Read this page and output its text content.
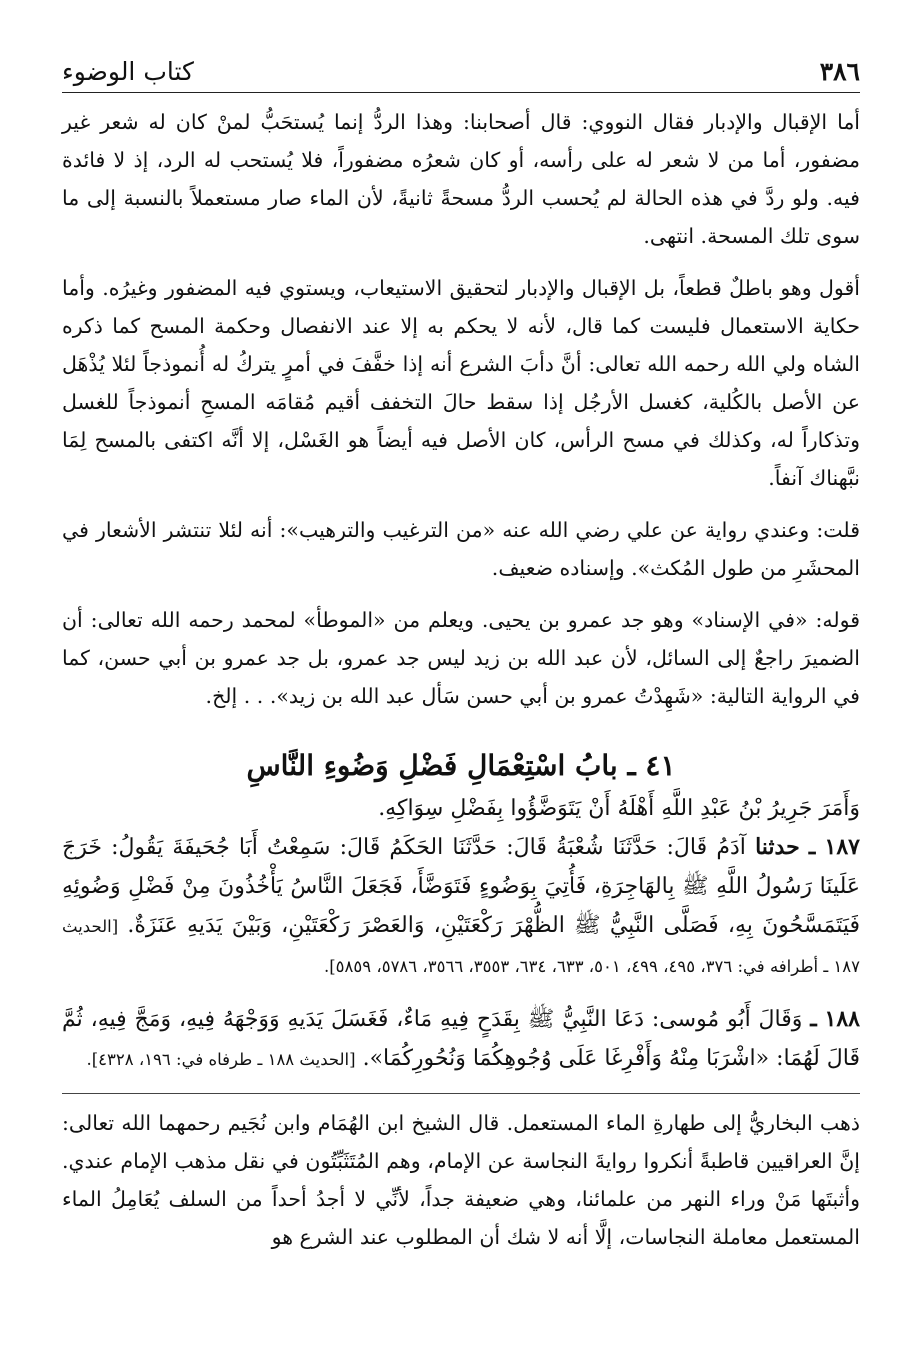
٣٨٦
كتاب الوضوء

أما الإقبال والإدبار فقال النووي: قال أصحابنا: وهذا الردُّ إنما يُستحَبُّ لمنْ كان له شعر غير مضفور، أما من لا شعر له على رأسه، أو كان شعرُه مضفوراً، فلا يُستحب له الرد، إذ لا فائدة فيه. ولو ردَّ في هذه الحالة لم يُحسب الردُّ مسحةً ثانيةً، لأن الماء صار مستعملاً بالنسبة إلى ما سوى تلك المسحة. انتهى.

أقول وهو باطلٌ قطعاً، بل الإقبال والإدبار لتحقيق الاستيعاب، ويستوي فيه المضفور وغيرُه. وأما حكاية الاستعمال فليست كما قال، لأنه لا يحكم به إلا عند الانفصال وحكمة المسح كما ذكره الشاه ولي الله رحمه الله تعالى: أنَّ دأبَ الشرع أنه إذا خفَّفَ في أمرٍ يتركُ له أُنموذجاً لئلا يُذْهَل عن الأصل بالكُلية، كغسل الأرجُل إذا سقط حالَ التخفف أقيم مُقامَه المسحِ أنموذجاً للغسل وتذكاراً له، وكذلك في مسح الرأس، كان الأصل فيه أيضاً هو الغَسْل، إلا أنَّه اكتفى بالمسح لِمَا نبَّهناك آنفاً.

قلت: وعندي رواية عن علي رضي الله عنه «من الترغيب والترهيب»: أنه لئلا تنتشر الأشعار في المحشَرِ من طول المُكث». وإسناده ضعيف.

قوله: «في الإسناد» وهو جد عمرو بن يحيى. ويعلم من «الموطأ» لمحمد رحمه الله تعالى: أن الضميرَ راجعٌ إلى السائل، لأن عبد الله بن زيد ليس جد عمرو، بل جد عمرو بن أبي حسن، كما في الرواية التالية: «شَهِدْتُ عمرو بن أبي حسن سَأل عبد الله بن زيد». . . إلخ.

٤١ ـ بابُ اسْتِعْمَالِ فَضْلِ وَضُوءِ النَّاسِ

وَأَمَرَ جَرِيرُ بْنُ عَبْدِ اللَّهِ أَهْلَهُ أَنْ يَتَوَضَّؤُوا بِفَضْلِ سِوَاكِهِ.

١٨٧ ـ حدثنا آدَمُ قَالَ: حَدَّثَنَا شُعْبَةُ قَالَ: حَدَّثَنَا الحَكَمُ قَالَ: سَمِعْتُ أَبَا جُحَيفَةَ يَقُولُ: خَرَجَ عَلَينَا رَسُولُ اللَّهِ ﷺ بِالهَاجِرَةِ، فَأُتِيَ بِوَضُوءٍ فَتَوَضَّأَ، فَجَعَلَ النَّاسُ يَأْخُذُونَ مِنْ فَضْلِ وَضُوئِهِ فَيَتَمَسَّحُونَ بِهِ، فَصَلَّى النَّبِيُّ ﷺ الظُّهْرَ رَكْعَتَيْنِ، وَالعَصْرَ رَكْعَتَيْنِ، وَبَيْنَ يَدَيهِ عَنَزَةٌ. [الحديث ١٨٧ ـ أطرافه في: ٣٧٦، ٤٩٥، ٤٩٩، ٥٠١، ٦٣٣، ٦٣٤، ٣٥٥٣، ٣٥٦٦، ٥٧٨٦، ٥٨٥٩].

١٨٨ ـ وَقَالَ أَبُو مُوسى: دَعَا النَّبِيُّ ﷺ بِقَدَحٍ فِيهِ مَاءٌ، فَغَسَلَ يَدَيهِ وَوَجْهَهُ فِيهِ، وَمَجَّ فِيهِ، ثُمَّ قَالَ لَهُمَا: «اشْرَبَا مِنْهُ وَأَفْرِغَا عَلَى وُجُوهِكُمَا وَنُحُورِكُمَا». [الحديث ١٨٨ ـ طرفاه في: ١٩٦، ٤٣٢٨].

ذهب البخاريُّ إلى طهارةِ الماء المستعمل. قال الشيخ ابن الهُمَام وابن نُجَيم رحمهما الله تعالى: إنَّ العراقيين قاطبةً أنكروا روايةَ النجاسة عن الإمام، وهم المُتَثَبِّتُون في نقل مذهب الإمام عندي. وأثبتَها مَنْ وراء النهر من علمائنا، وهي ضعيفة جداً، لأنِّي لا أجدُ أحداً من السلف يُعَامِلُ الماء المستعمل معاملة النجاسات، إلَّا أنه لا شك أن المطلوب عند الشرع هو
